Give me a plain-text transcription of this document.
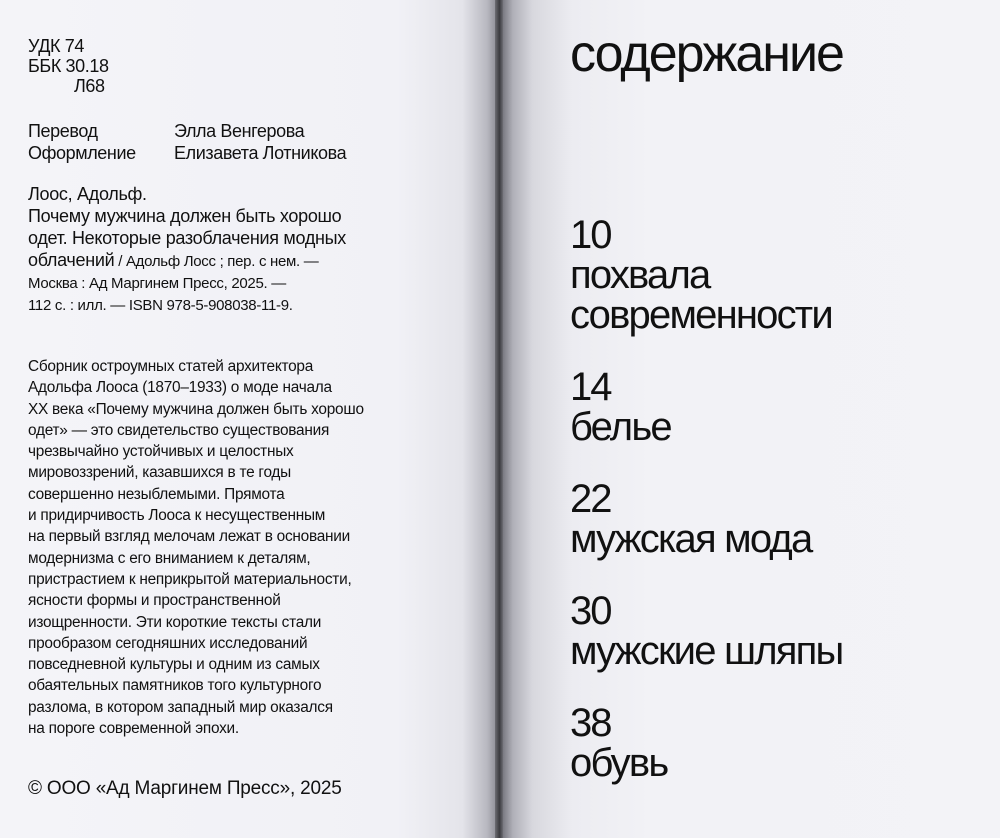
УДК 74
ББК 30.18
Л68
Перевод	Элла Венгерова
Оформление	Елизавета Лотникова
Лоос, Адольф.
Почему мужчина должен быть хорошо
одет. Некоторые разоблачения модных
облачений / Адольф Лосс ; пер. с нем. —
Москва : Ад Маргинем Пресс, 2025. —
112 с. : илл. — ISBN 978-5-908038-11-9.
Сборник остроумных статей архитектора
Адольфа Лооса (1870–1933) о моде начала
XX века «Почему мужчина должен быть хорошо
одет» — это свидетельство существования
чрезвычайно устойчивых и целостных
мировоззрений, казавшихся в те годы
совершенно незыблемыми. Прямота
и придирчивость Лооса к несущественным
на первый взгляд мелочам лежат в основании
модернизма с его вниманием к деталям,
пристрастием к неприкрытой материальности,
ясности формы и пространственной
изощренности. Эти короткие тексты стали
прообразом сегодняшних исследований
повседневной культуры и одним из самых
обаятельных памятников того культурного
разлома, в котором западный мир оказался
на пороге современной эпохи.
© ООО «Ад Маргинем Пресс», 2025
содержание
10
похвала
современности
14
белье
22
мужская мода
30
мужские шляпы
38
обувь
